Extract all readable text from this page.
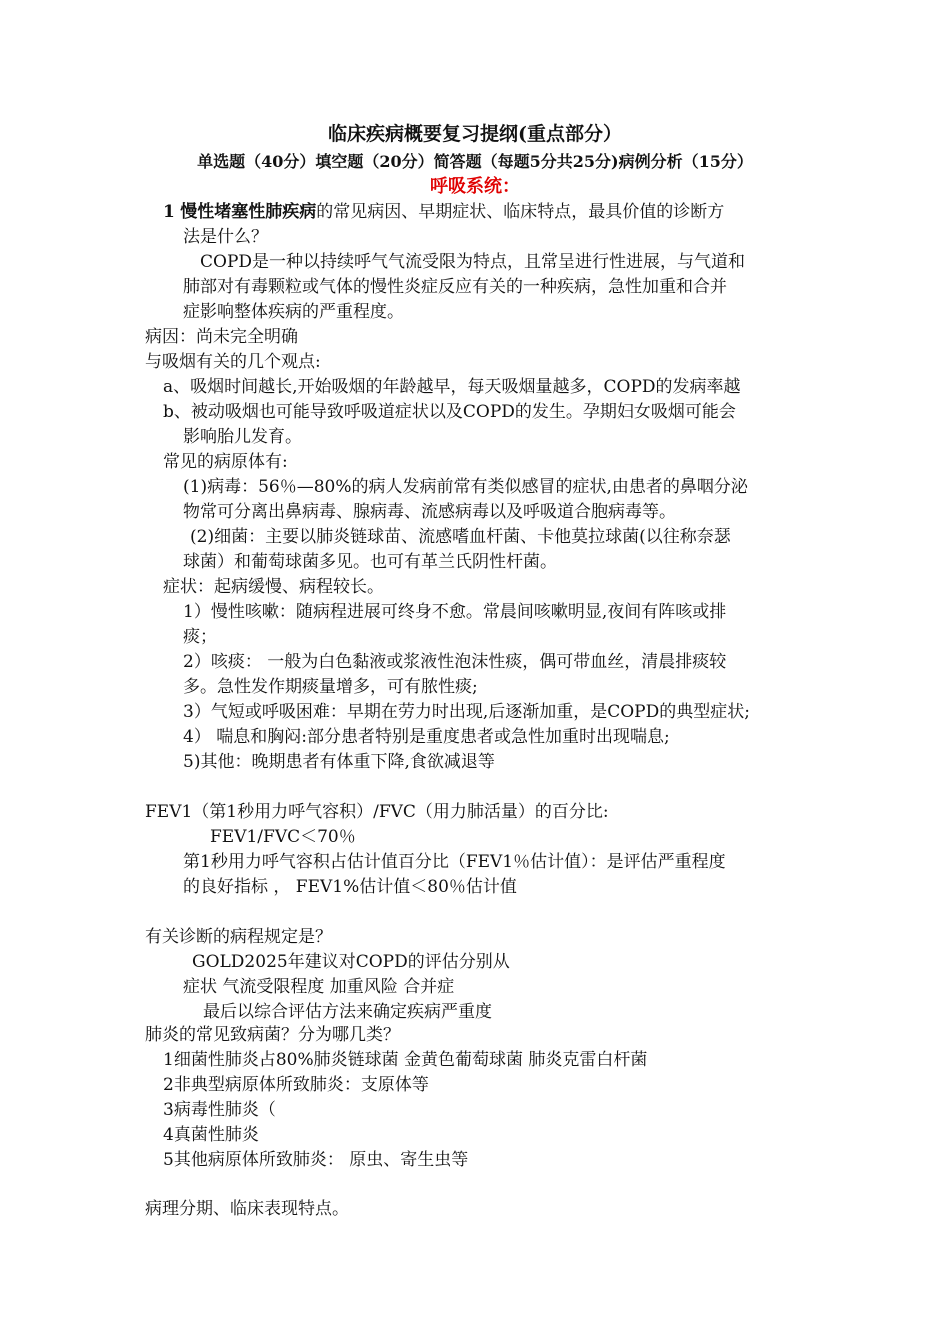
临床疾病概要复习提纲(重点部分）
单选题（40分）填空题（20分）简答题（每题5分共25分)病例分析（15分）
呼吸系统：
1 慢性堵塞性肺疾病的常见病因、早期症状、临床特点，最具价值的诊断方
法是什么？
COPD是一种以持续呼气气流受限为特点，且常呈进行性进展，与气道和
肺部对有毒颗粒或气体的慢性炎症反应有关的一种疾病，急性加重和合并
症影响整体疾病的严重程度。
病因：尚未完全明确
与吸烟有关的几个观点:
a、吸烟时间越长,开始吸烟的年龄越早，每天吸烟量越多，COPD的发病率越
b、被动吸烟也可能导致呼吸道症状以及COPD的发生。孕期妇女吸烟可能会
影响胎儿发育。
常见的病原体有:
(1)病毒：56％—80%的病人发病前常有类似感冒的症状,由患者的鼻咽分泌
物常可分离出鼻病毒、腺病毒、流感病毒以及呼吸道合胞病毒等。
(2)细菌：主要以肺炎链球苗、流感嗜血杆菌、卡他莫拉球菌(以往称奈瑟
球菌）和葡萄球菌多见。也可有革兰氏阴性杆菌。
症状：起病缓慢、病程较长。
1）慢性咳嗽：随病程进展可终身不愈。常晨间咳嗽明显,夜间有阵咳或排
痰；
2）咳痰： 一般为白色黏液或浆液性泡沫性痰，偶可带血丝，清晨排痰较
多。急性发作期痰量增多，可有脓性痰;
3）气短或呼吸困难：早期在劳力时出现,后逐渐加重，是COPD的典型症状;
4） 喘息和胸闷:部分患者特别是重度患者或急性加重时出现喘息;
5)其他：晚期患者有体重下降,食欲减退等
FEV1（第1秒用力呼气容积）/FVC（用力肺活量）的百分比:
FEV1/FVC＜70％
第1秒用力呼气容积占估计值百分比（FEV1％估计值）：是评估严重程度
的良好指标 ， FEV1%估计值＜80％估计值
有关诊断的病程规定是？
GOLD2025年建议对COPD的评估分别从
症状 气流受限程度 加重风险 合并症
最后以综合评估方法来确定疾病严重度
肺炎的常见致病菌？分为哪几类？
1细菌性肺炎占80%肺炎链球菌 金黄色葡萄球菌 肺炎克雷白杆菌
2非典型病原体所致肺炎：支原体等
3病毒性肺炎（
4真菌性肺炎
5其他病原体所致肺炎： 原虫、寄生虫等
病理分期、临床表现特点。
